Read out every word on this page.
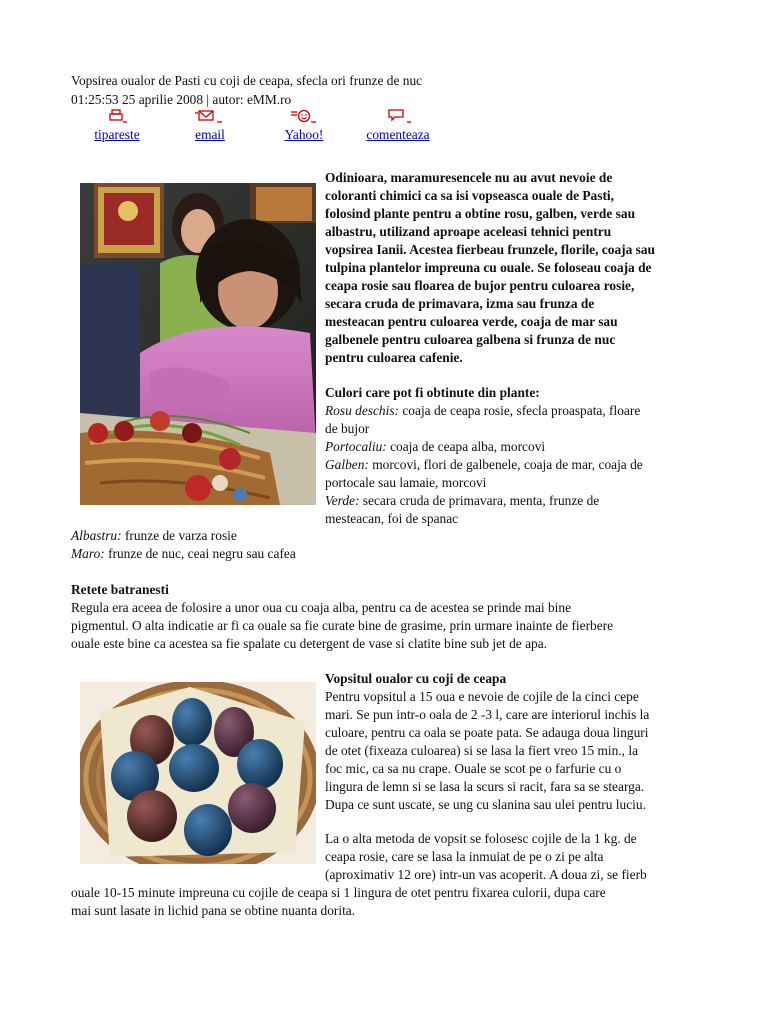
Vopsirea oualor de Pasti cu coji de ceapa, sfecla ori frunze de nuc
01:25:53 25 aprilie 2008 | autor: eMM.ro
tipareste	email	Yahoo!	comenteaza
Odinioara, maramuresencele nu au avut nevoie de
coloranti chimici ca sa isi vopseasca ouale de Pasti,
folosind plante pentru a obtine rosu, galben, verde sau
albastru, utilizand aproape aceleasi tehnici pentru
vopsirea Ianii. Acestea fierbeau frunzele, florile, coaja sau
tulpina plantelor impreuna cu ouale. Se foloseau coaja de
ceapa rosie sau floarea de bujor pentru culoarea rosie,
secara cruda de primavara, izma sau frunza de
mesteacan pentru culoarea verde, coaja de mar sau
galbenele pentru culoarea galbena si frunza de nuc
pentru culoarea cafenie.
Culori care pot fi obtinute din plante:
Rosu deschis: coaja de ceapa rosie, sfecla proaspata, floare
de bujor
Portocaliu: coaja de ceapa alba, morcovi
Galben: morcovi, flori de galbenele, coaja de mar, coaja de
portocale sau lamaie, morcovi
Verde: secara cruda de primavara, menta, frunze de
mesteacan, foi de spanac
Albastru: frunze de varza rosie
Maro: frunze de nuc, ceai negru sau cafea
Retete batranesti
Regula era aceea de folosire a unor oua cu coaja alba, pentru ca de acestea se prinde mai bine
pigmentul. O alta indicatie ar fi ca ouale sa fie curate bine de grasime, prin urmare inainte de fierbere
ouale este bine ca acestea sa fie spalate cu detergent de vase si clatite bine sub jet de apa.
Vopsitul oualor cu coji de ceapa
Pentru vopsitul a 15 oua e nevoie de cojile de la cinci cepe
mari. Se pun intr-o oala de 2 -3 l, care are interiorul inchis la
culoare, pentru ca oala se poate pata. Se adauga doua linguri
de otet (fixeaza culoarea) si se lasa la fiert vreo 15 min., la
foc mic, ca sa nu crape. Ouale se scot pe o farfurie cu o
lingura de lemn si se lasa la scurs si racit, fara sa se stearga.
Dupa ce sunt uscate, se ung cu slanina sau ulei pentru luciu.
La o alta metoda de vopsit se folosesc cojile de la 1 kg. de
ceapa rosie, care se lasa la inmuiat de pe o zi pe alta
(aproximativ 12 ore) intr-un vas acoperit. A doua zi, se fierb
ouale 10-15 minute impreuna cu cojile de ceapa si 1 lingura de otet pentru fixarea culorii, dupa care
mai sunt lasate in lichid pana se obtine nuanta dorita.
